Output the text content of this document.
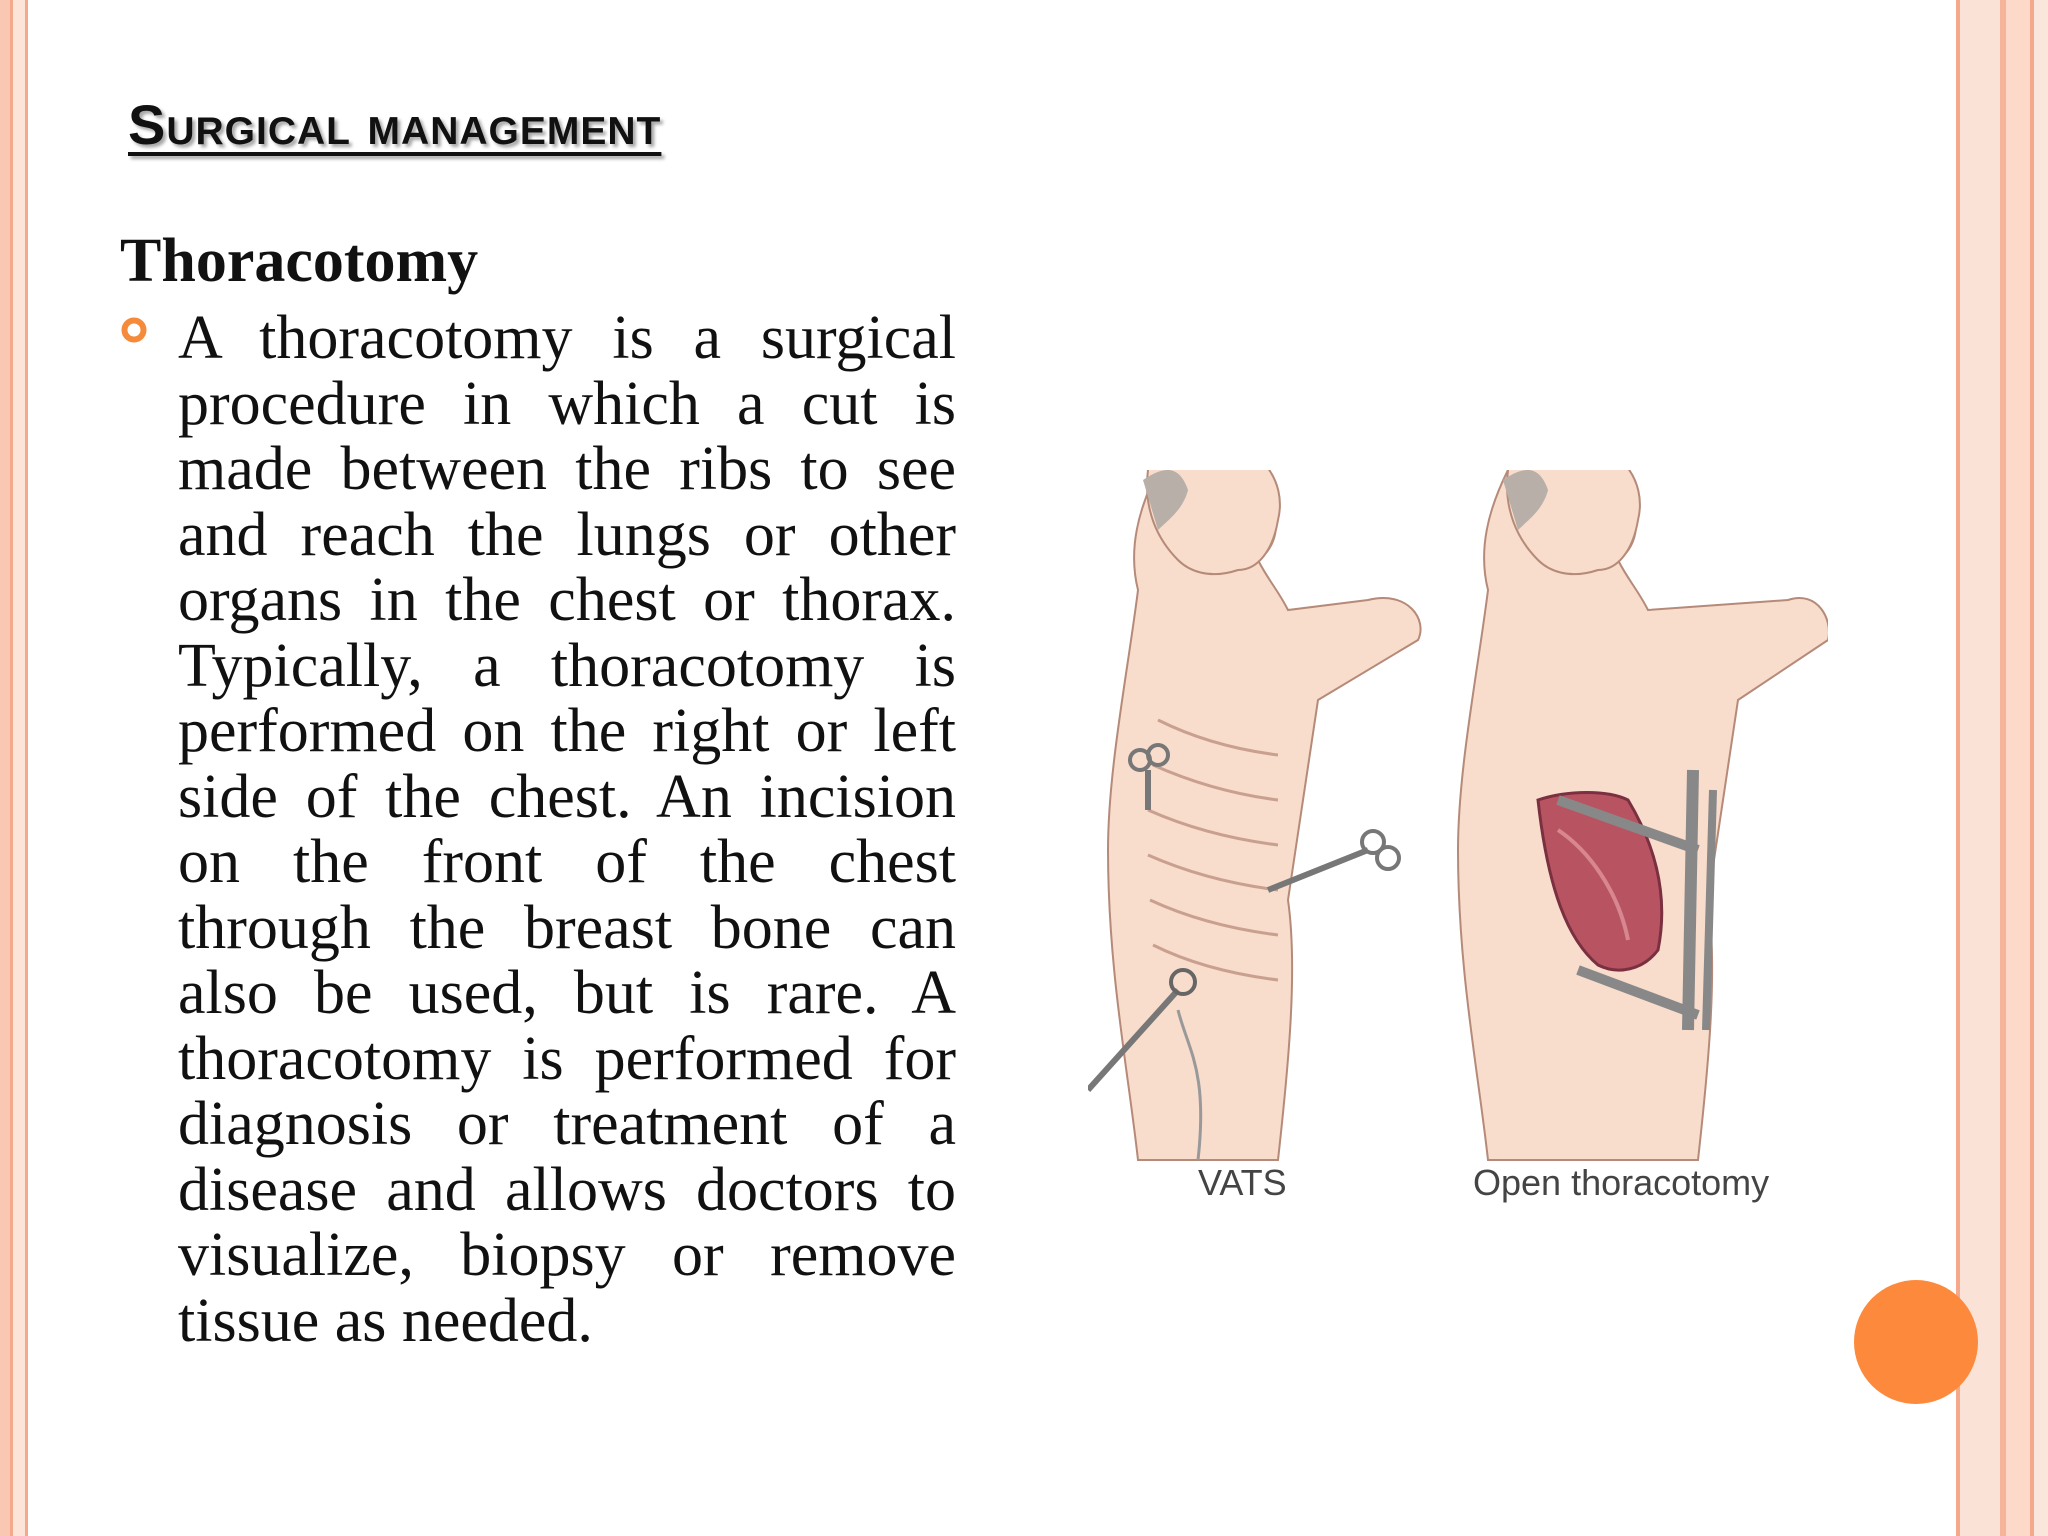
Surgical management
Thoracotomy

A thoracotomy is a surgical procedure in which a cut is made between the ribs to see and reach the lungs or other organs in the chest or thorax. Typically, a thoracotomy is performed on the right or left side of the chest. An incision on the front of the chest through the breast bone can also be used, but is rare. A thoracotomy is performed for diagnosis or treatment of a disease and allows doctors to visualize, biopsy or remove tissue as needed.

VATS	Open thoracotomy
